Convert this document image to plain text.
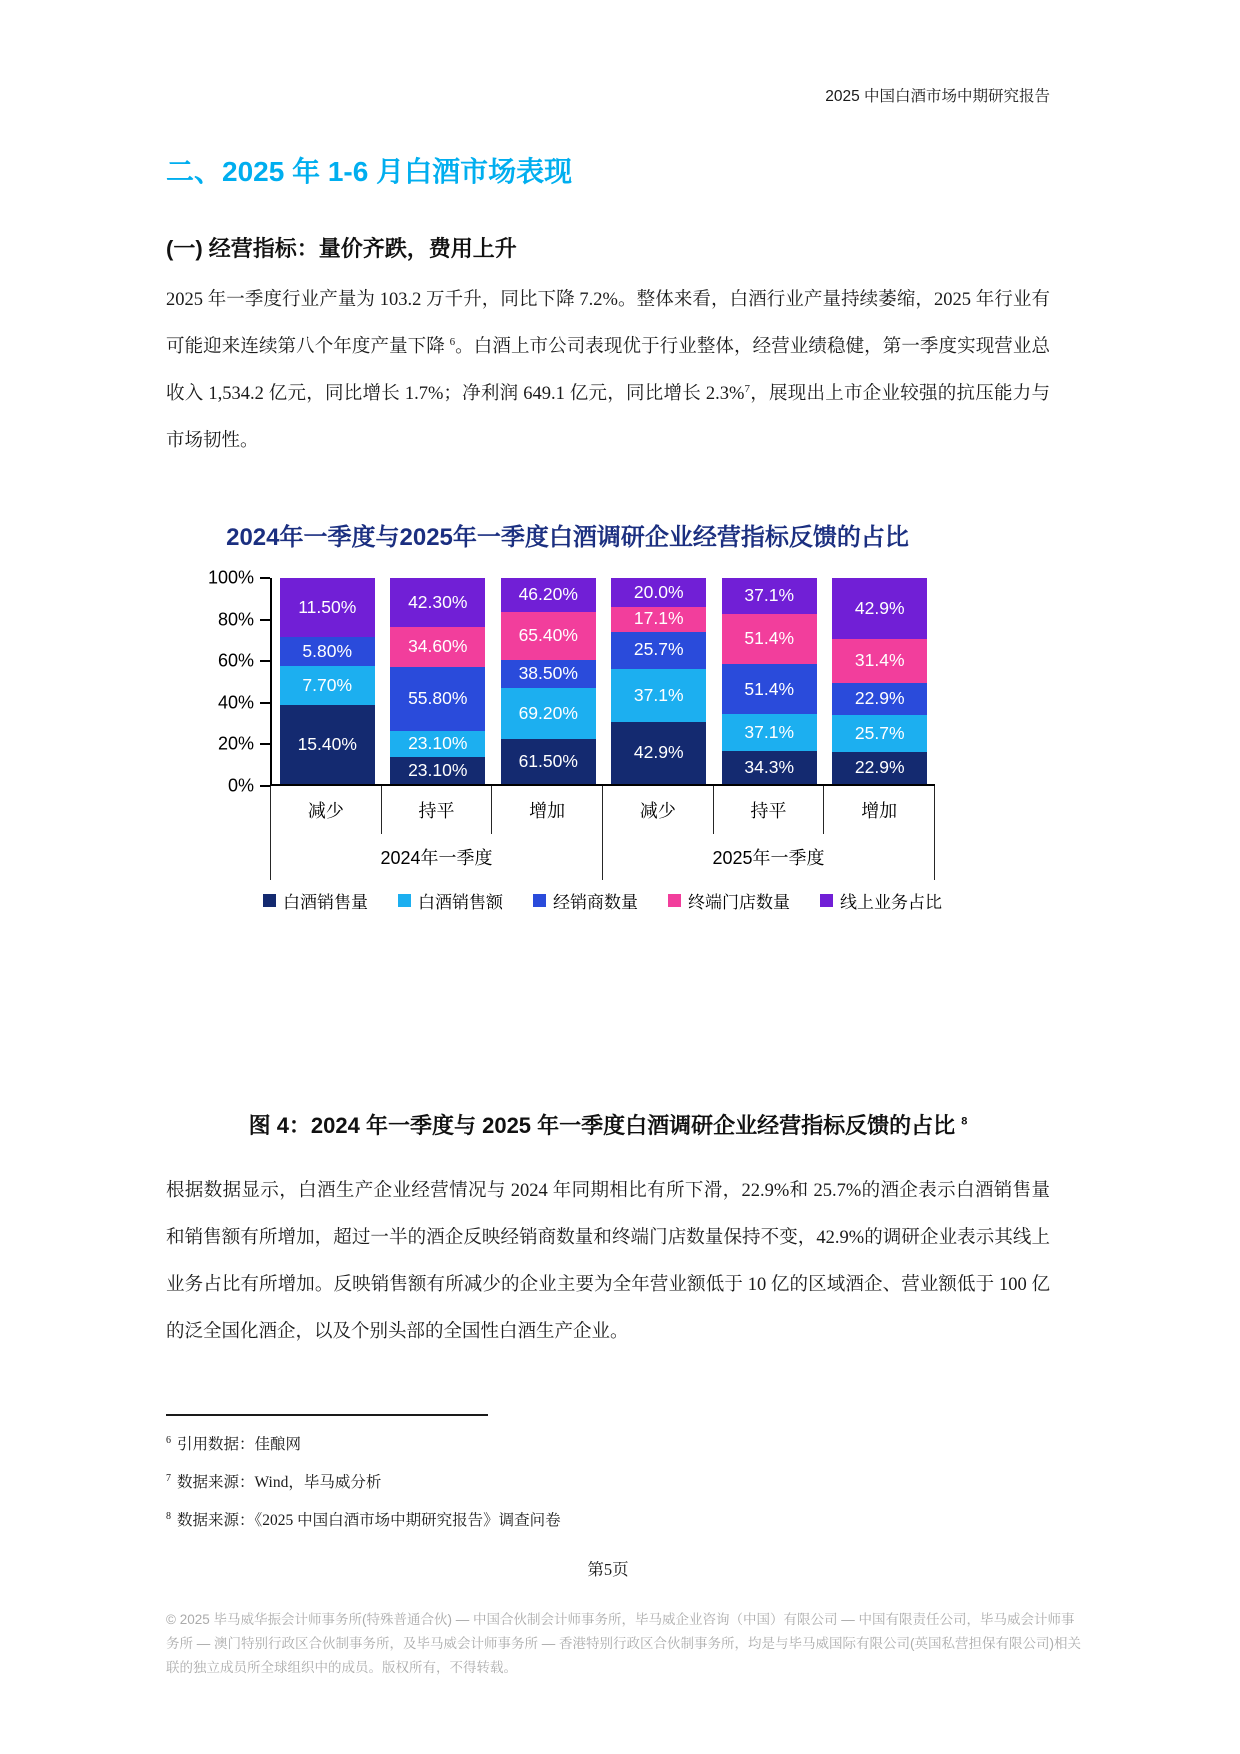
2025 中国白酒市场中期研究报告
二、2025 年 1-6 月白酒市场表现
(一) 经营指标：量价齐跌，费用上升
2025 年一季度行业产量为 103.2 万千升，同比下降 7.2%。整体来看，白酒行业产量持续萎缩，2025 年行业有可能迎来连续第八个年度产量下降 $^6$。白酒上市公司表现优于行业整体，经营业绩稳健，第一季度实现营业总收入 1,534.2 亿元，同比增长 1.7%；净利润 649.1 亿元，同比增长 2.3%$^7$，展现出上市企业较强的抗压能力与市场韧性。
2024年一季度与2025年一季度白酒调研企业经营指标反馈的占比
100%
80%
60%
40%
20%
0%
11.50%
5.80%
7.70%
15.40%
42.30%
34.60%
55.80%
23.10%
23.10%
46.20%
65.40%
38.50%
69.20%
61.50%
20.0%
17.1%
25.7%
37.1%
42.9%
37.1%
51.4%
51.4%
37.1%
34.3%
42.9%
31.4%
22.9%
25.7%
22.9%
减少	持平	增加	减少	持平	增加
2024年一季度	2025年一季度
白酒销售量	白酒销售额	经销商数量	终端门店数量	线上业务占比
图 4：2024 年一季度与 2025 年一季度白酒调研企业经营指标反馈的占比 $^8$
根据数据显示，白酒生产企业经营情况与 2024 年同期相比有所下滑，22.9%和 25.7%的酒企表示白酒销售量和销售额有所增加，超过一半的酒企反映经销商数量和终端门店数量保持不变，42.9%的调研企业表示其线上业务占比有所增加。反映销售额有所减少的企业主要为全年营业额低于 10 亿的区域酒企、营业额低于 100 亿的泛全国化酒企，以及个别头部的全国性白酒生产企业。
$^6$ 引用数据：佳酿网
$^7$ 数据来源：Wind，毕马威分析
$^8$ 数据来源：《2025 中国白酒市场中期研究报告》调查问卷
第5页
© 2025 毕马威华振会计师事务所(特殊普通合伙) — 中国合伙制会计师事务所，毕马威企业咨询（中国）有限公司 — 中国有限责任公司，毕马威会计师事务所 — 澳门特别行政区合伙制事务所，及毕马威会计师事务所 — 香港特别行政区合伙制事务所，均是与毕马威国际有限公司(英国私营担保有限公司)相关联的独立成员所全球组织中的成员。版权所有，不得转载。
